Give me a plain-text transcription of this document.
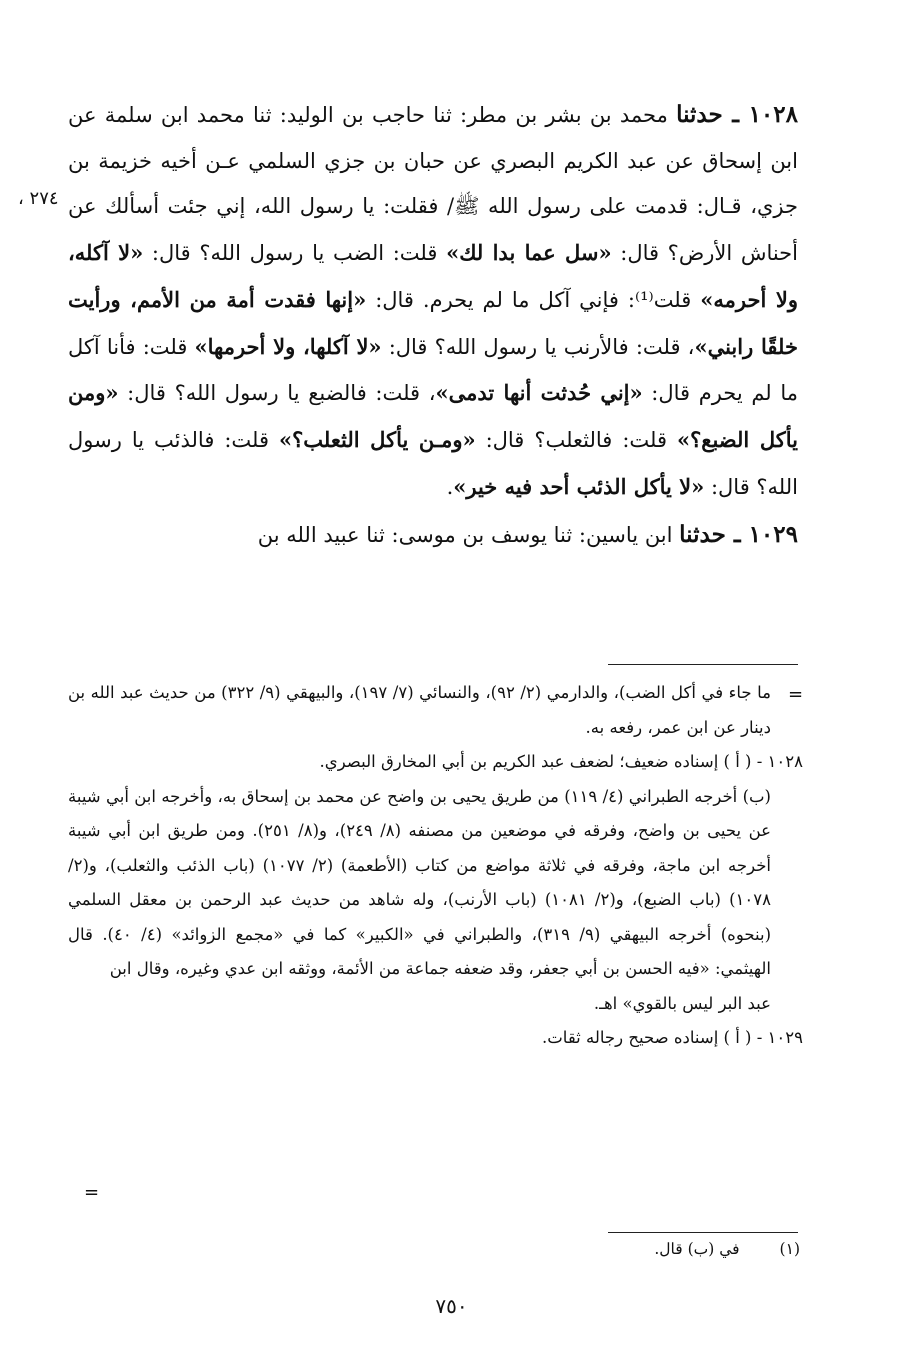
٢٧٤ ،

١٠٢٨ ـ حدثنا محمد بن بشر بن مطر: ثنا حاجب بن الوليد: ثنا محمد ابن سلمة عن ابن إسحاق عن عبد الكريم البصري عن حبان بن جزي السلمي عـن أخيه خزيمة بن جزي، قـال: قدمت على رسول الله ﷺ/ فقلت: يا رسول الله، إني جئت أسألك عن أحناش الأرض؟ قال: «سل عما بدا لك» قلت: الضب يا رسول الله؟ قال: «لا آكله، ولا أحرمه» قلت⁽¹⁾: فإني آكل ما لم يحرم. قال: «إنها فقدت أمة من الأمم، ورأيت خلقًا رابني»، قلت: فالأرنب يا رسول الله؟ قال: «لا آكلها، ولا أحرمها» قلت: فأنا آكل ما لم يحرم قال: «إني حُدثت أنها تدمى»، قلت: فالضبع يا رسول الله؟ قال: «ومن يأكل الضبع؟» قلت: فالثعلب؟ قال: «ومـن يأكل الثعلب؟» قلت: فالذئب يا رسول الله؟ قال: «لا يأكل الذئب أحد فيه خير».

١٠٢٩ ـ حدثنا ابن ياسين: ثنا يوسف بن موسى: ثنا عبيد الله بن

=

ما جاء في أكل الضب)، والدارمي (٢/ ٩٢)، والنسائي (٧/ ١٩٧)، والبيهقي (٩/ ٣٢٢) من حديث عبد الله بن دينار عن ابن عمر، رفعه به.

١٠٢٨ - ( أ ) إسناده ضعيف؛ لضعف عبد الكريم بن أبي المخارق البصري.

(ب) أخرجه الطبراني (٤/ ١١٩) من طريق يحيى بن واضح عن محمد بن إسحاق به، وأخرجه ابن أبي شيبة عن يحيى بن واضح، وفرقه في موضعين من مصنفه (٨/ ٢٤٩)، و(٨/ ٢٥١). ومن طريق ابن أبي شيبة أخرجه ابن ماجة، وفرقه في ثلاثة مواضع من كتاب (الأطعمة) (٢/ ١٠٧٧) (باب الذئب والثعلب)، و(٢/ ١٠٧٨) (باب الضبع)، و(٢/ ١٠٨١) (باب الأرنب)، وله شاهد من حديث عبد الرحمن بن معقل السلمي (بنحوه) أخرجه البيهقي (٩/ ٣١٩)، والطبراني في «الكبير» كما في «مجمع الزوائد» (٤/ ٤٠). قال الهيثمي: «فيه الحسن بن أبي جعفر، وقد ضعفه جماعة من الأئمة، ووثقه ابن عدي وغيره، وقال ابن
عبد البر ليس بالقوي» اهـ.

١٠٢٩ - ( أ ) إسناده صحيح رجاله ثقات.

=
(١)في (ب) قال.
٧٥٠
